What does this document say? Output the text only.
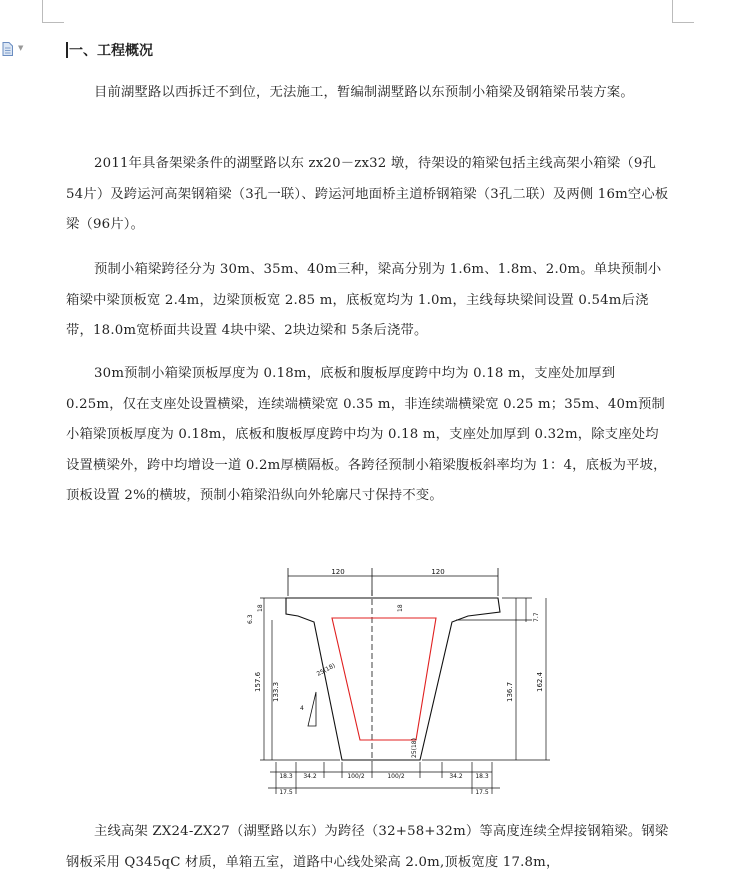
▼	一、工程概况

目前湖墅路以西拆迁不到位，无法施工，暂编制湖墅路以东预制小箱梁及钢箱梁吊装方案。

2011年具备架梁条件的湖墅路以东 zx20－zx32 墩，待架设的箱梁包括主线高架小箱梁（9孔 54片）及跨运河高架钢箱梁（3孔一联）、跨运河地面桥主道桥钢箱梁（3孔二联）及两侧 16m空心板梁（96片）。

预制小箱梁跨径分为 30m、35m、40m三种，梁高分别为 1.6m、1.8m、2.0m。单块预制小箱梁中梁顶板宽 2.4m，边梁顶板宽 2.85 m，底板宽均为 1.0m，主线每块梁间设置 0.54m后浇带，18.0m宽桥面共设置 4块中梁、2块边梁和 5条后浇带。

30m预制小箱梁顶板厚度为 0.18m，底板和腹板厚度跨中均为 0.18 m，支座处加厚到 0.25m，仅在支座处设置横梁，连续端横梁宽 0.35 m，非连续端横梁宽 0.25 m；35m、40m预制小箱梁顶板厚度为 0.18m，底板和腹板厚度跨中均为 0.18 m，支座处加厚到 0.32m，除支座处均设置横梁外，跨中均增设一道 0.2m厚横隔板。各跨径预制小箱梁腹板斜率均为 1：4，底板为平坡，顶板设置 2%的横坡，预制小箱梁沿纵向外轮廓尺寸保持不变。

主线高架 ZX24-ZX27（湖墅路以东）为跨径（32+58+32m）等高度连续全焊接钢箱梁。钢梁钢板采用 Q345qC 材质，单箱五室，道路中心线处梁高 2.0m,顶板宽度 17.8m，

120	120
18
6.3
18
157.6 133.3
25(18)
25(18)
4
7.7
162.4
136.7
18.3 34.2	100/2	100/2	34.2 18.3
17.5	17.5
